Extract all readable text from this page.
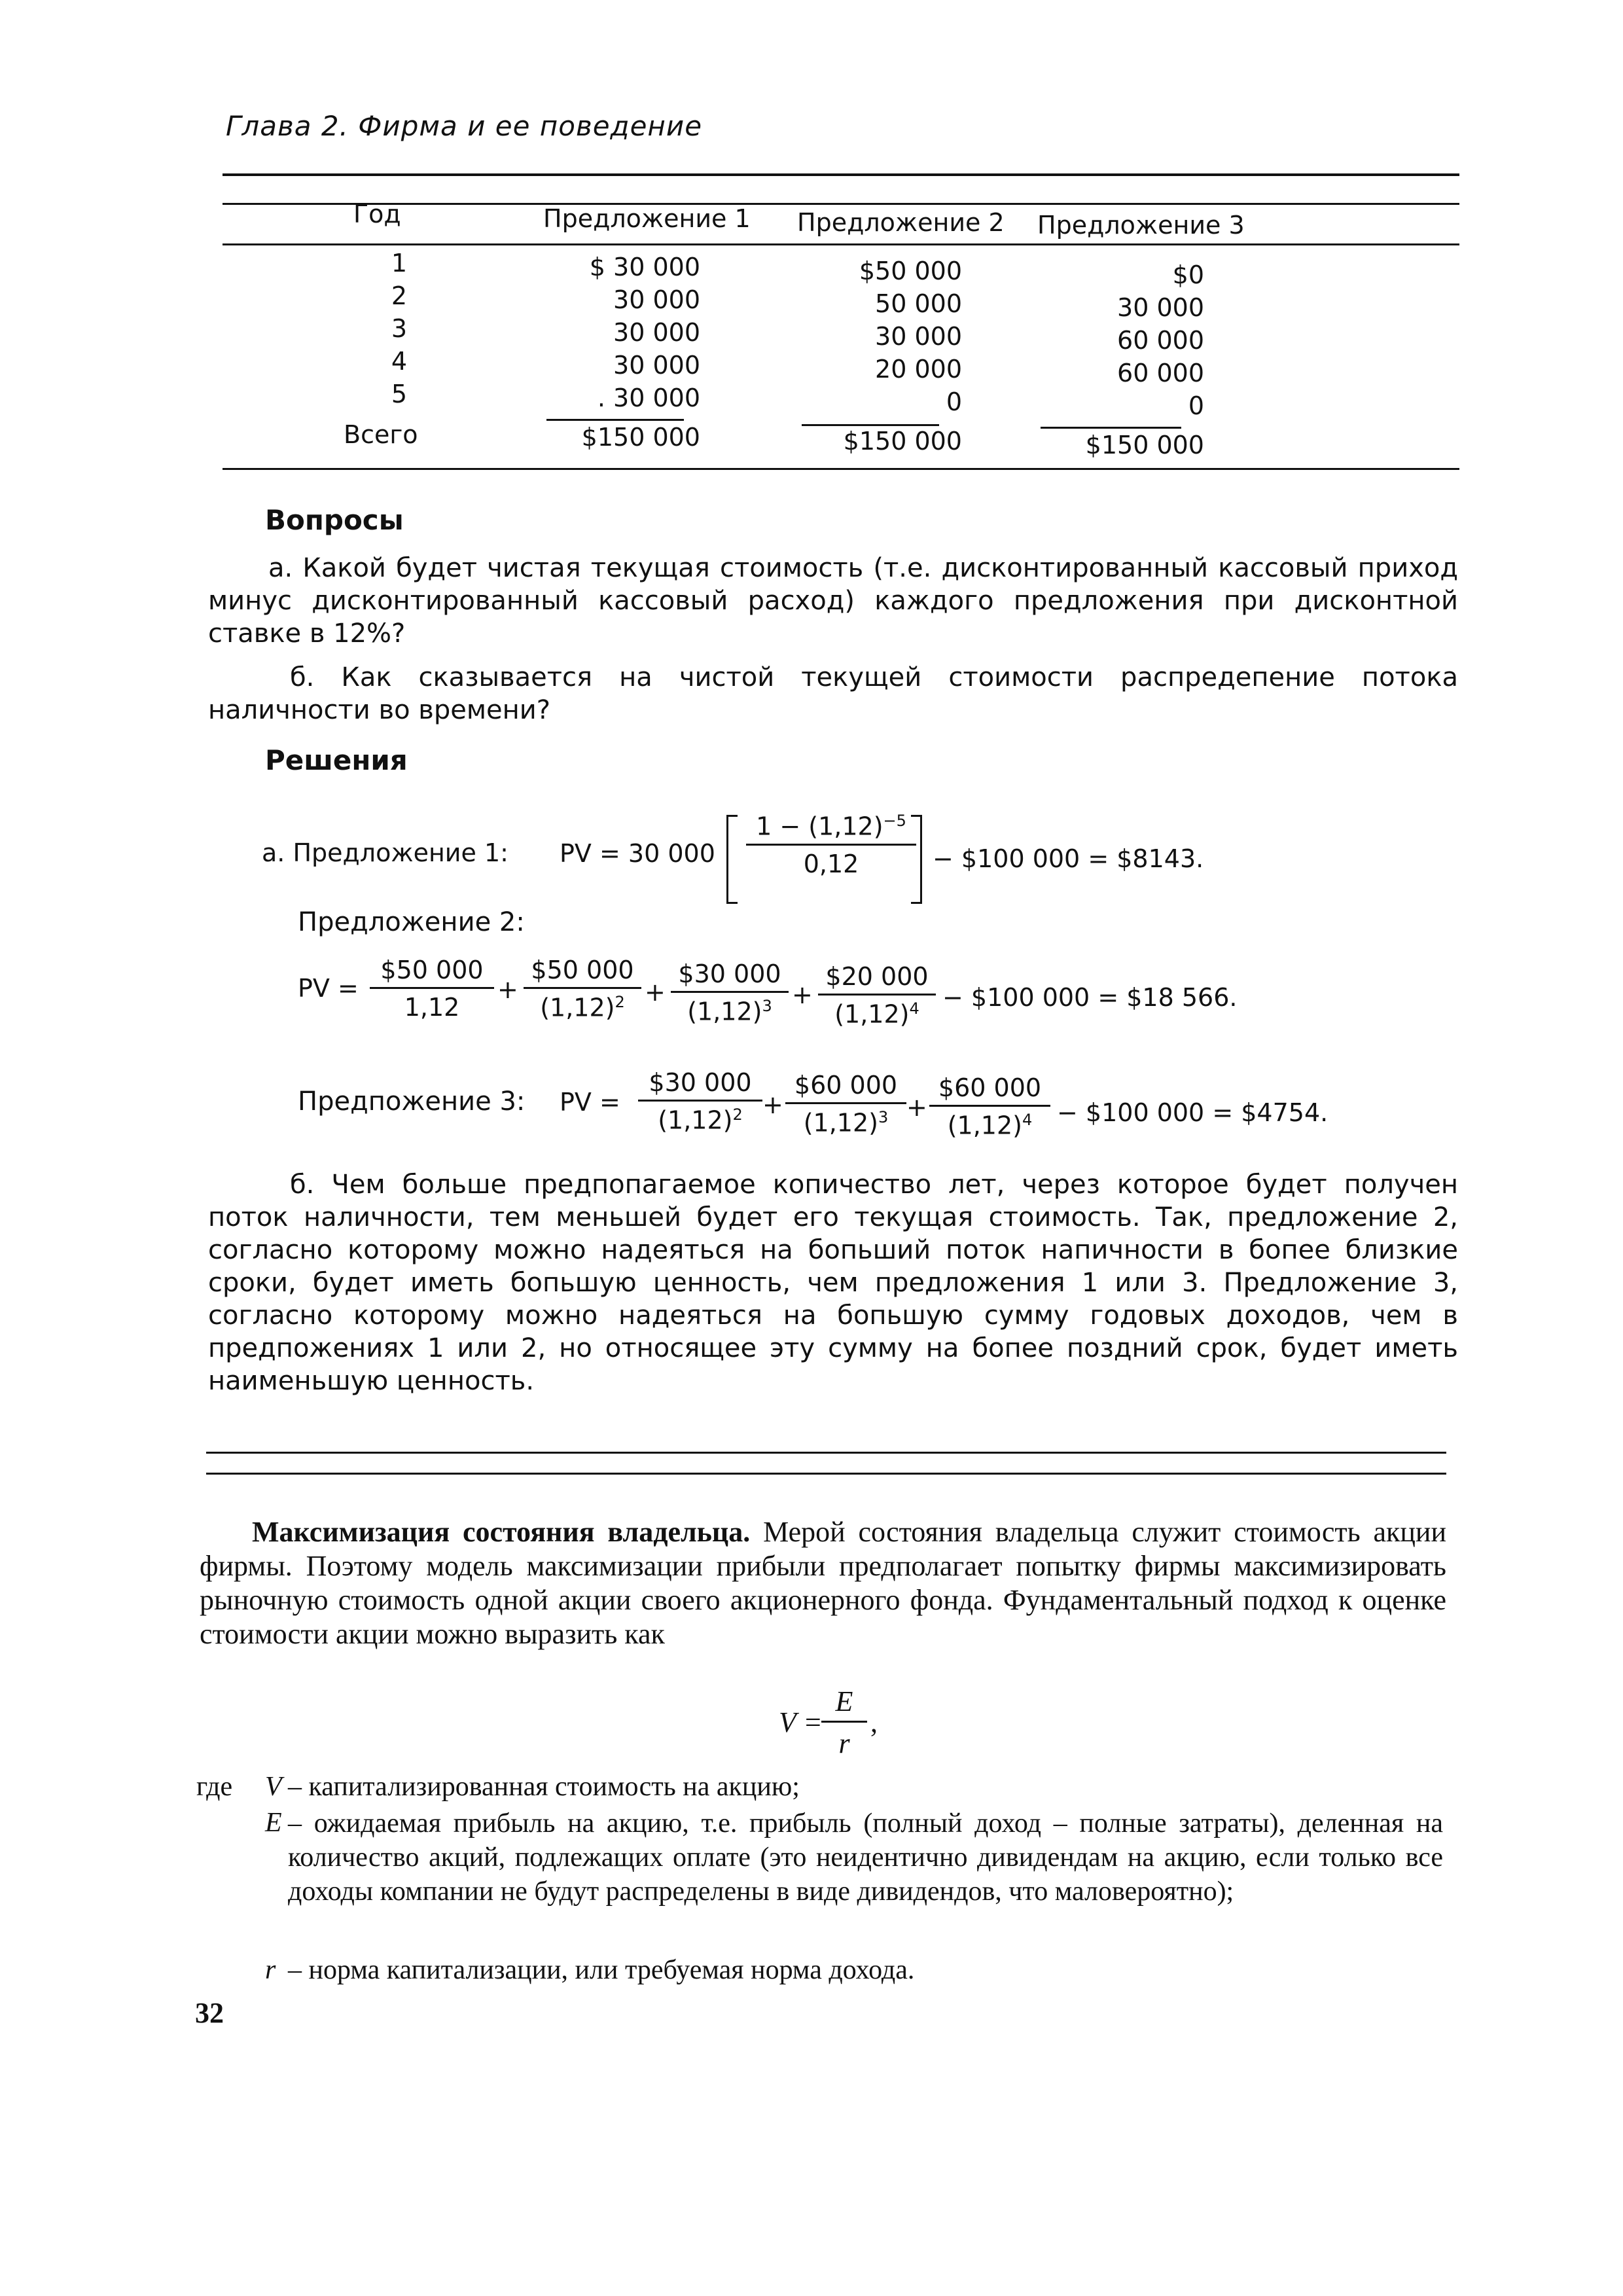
Глава 2. Фирма и ее поведение
Год	Предложение 1 Предложение 2 Предложение 3
1	$ 30 000	$50 000	$0
2	30 000	50 000	30 000
3	30 000	30 000	60 000
4	30 000	20 000	60 000
5	. 30 000	0	0
Всего	$150 000	$150 000	$150 000
Вопросы
а. Какой будет чистая текущая стоимость (т.е. дисконтированный кассовый приход минус дисконтированный кассовый расход) каждого предложения при дисконтной ставке в 12%?
б. Как сказывается на чистой текущей стоимости распредепение потока наличности во времени?
Решения
а. Предложение 1: PV = 30 $000 \frac{1 - (1,12)^{-5}}{0,12}$ − $100 000 = $8143.
Предложение 2:
PV = $\frac{\$50 000}{1,12} + \frac{\$50 000}{(1,12)^2} + \frac{\$30 000}{(1,12)^3} + \frac{\$20 000}{(1,12)^4}$ − $100 000 = $18 566.
Предпожение 3: PV = $\frac{\$30 000}{(1,12)^2} + \frac{\$60 000}{(1,12)^3} + \frac{\$60 000}{(1,12)^4}$ − $100 000 = $4754.
б. Чем больше предпопагаемое копичество лет, через которое будет получен поток наличности, тем меньшей будет его текущая стоимость. Так, предложение 2, согласно которому можно надеяться на бопьший поток напичности в бопее близкие сроки, будет иметь бопьшую ценность, чем предложения 1 или 3. Предложение 3, согласно которому можно надеяться на бопьшую сумму годовых доходов, чем в предпожениях 1 или 2, но относящее эту сумму на бопее поздний срок, будет иметь наименьшую ценность.
Максимизация состояния владельца. Мерой состояния владельца служит стоимость акции фирмы. Поэтому модель максимизации прибыли предполагает попытку фирмы максимизировать рыночную стоимость одной акции своего акционерного фонда. Фундаментальный подход к оценке стоимости акции можно выразить как
V =
$\frac{E}{r}$ ,
где V – капитализированная стоимость на акцию;
E – ожидаемая прибыль на акцию, т.е. прибыль (полный доход – полные затраты), деленная на количество акций, подлежащих оплате (это неидентично дивидендам на акцию, если только все доходы компании не будут распределены в виде дивидендов, что маловероятно);
r – норма капитализации, или требуемая норма дохода.
32
